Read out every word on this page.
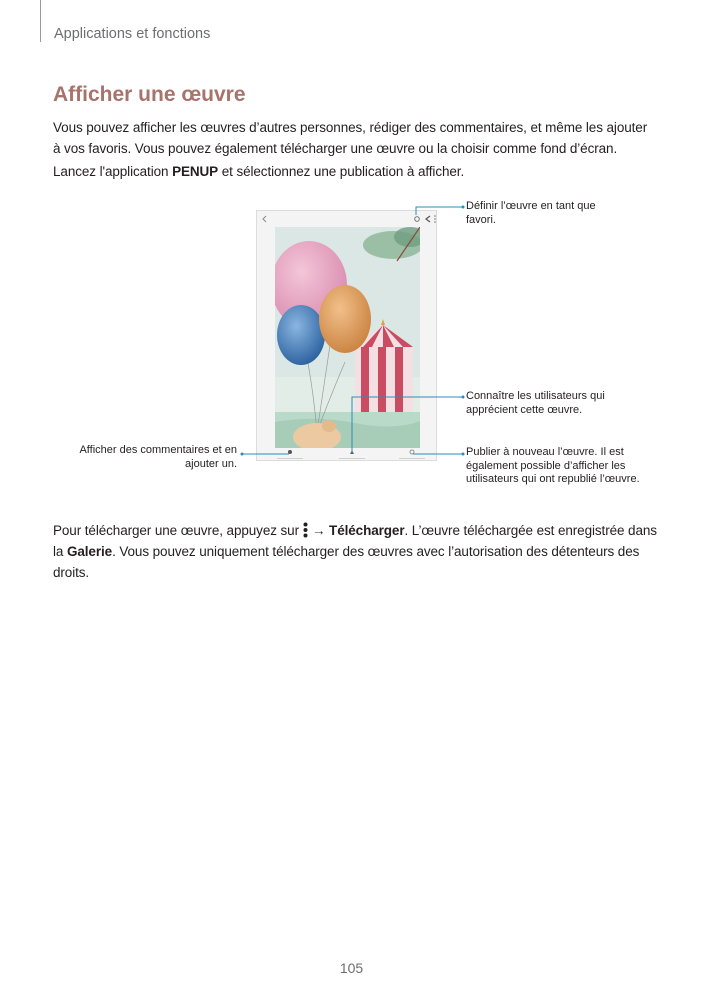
Applications et fonctions
Afficher une œuvre

Vous pouvez afficher les œuvres d’autres personnes, rédiger des commentaires, et même les ajouter à vos favoris. Vous pouvez également télécharger une œuvre ou la choisir comme fond d’écran.

Lancez l'application PENUP et sélectionnez une publication à afficher.

Définir l’œuvre en tant que favori.
Connaître les utilisateurs qui apprécient cette œuvre.
Publier à nouveau l’œuvre. Il est également possible d’afficher les utilisateurs qui ont republié l’œuvre.
Afficher des commentaires et en ajouter un.

Pour télécharger une œuvre, appuyez sur → Télécharger. L’œuvre téléchargée est enregistrée dans la Galerie. Vous pouvez uniquement télécharger des œuvres avec l’autorisation des détenteurs des droits.

105
